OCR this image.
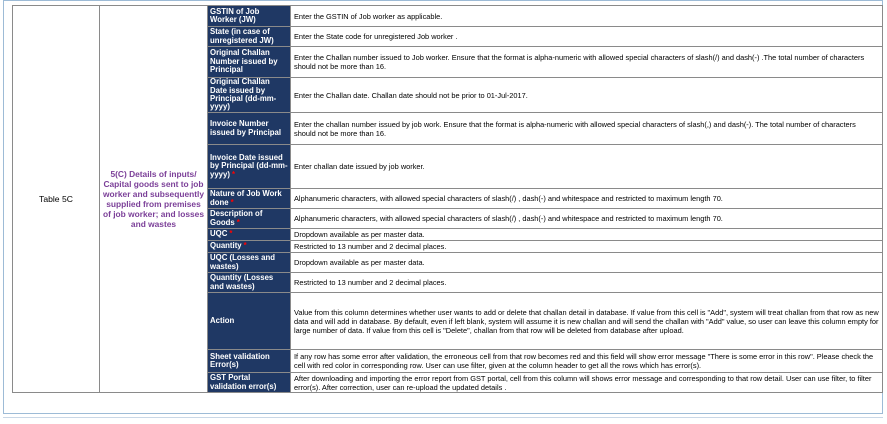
Table 5C	5(C) Details of inputs/ Capital goods sent to job worker and subsequently supplied from premises of job worker; and losses and wastes	GSTIN of Job Worker (JW)	Enter the GSTIN of Job worker as applicable.
		State (in case of unregistered JW)	Enter the State code for unregistered Job worker .
		Original Challan Number issued by Principal	Enter the Challan number issued to Job worker. Ensure that the format is alpha-numeric with allowed special characters of slash(/) and dash(-) .The total number of characters should not be more than 16.
		Original Challan Date issued by Principal (dd-mm-yyyy)	Enter the Challan date. Challan date should not be prior to 01-Jul-2017.
		Invoice Number issued by Principal	Enter the challan number issued by job work. Ensure that the format is alpha-numeric with allowed special characters of slash(,) and dash(-). The total number of characters should not be more than 16.
		Invoice Date issued by Principal (dd-mm-yyyy) *	Enter challan date issued by job worker.
		Nature of Job Work done *	Alphanumeric characters, with allowed special characters of slash(/) , dash(-) and whitespace and restricted to maximum length 70.
		Description of Goods *	Alphanumeric characters, with allowed special characters of slash(/) , dash(-) and whitespace and restricted to maximum length 70.
		UQC *	Dropdown available as per master data.
		Quantity *	Restricted to 13 number and 2 decimal places.
		UQC (Losses and wastes)	Dropdown available as per master data.
		Quantity (Losses and wastes)	Restricted to 13 number and 2 decimal places.
		Action	Value from this column determines whether user wants to add or delete that challan detail in database. If value from this cell is "Add", system will treat challan from that row as new data and will add in database. By default, even if left blank, system will assume it is new challan and will send the challan with "Add" value, so user can leave this column empty for large number of data. If value from this cell is "Delete", challan from that row will be deleted from database after upload.
		Sheet validation Error(s)	If any row has some error after validation, the erroneous cell from that row becomes red and this field will show error message "There is some error in this row". Please check the cell with red color in corresponding row. User can use filter, given at the column header to get all the rows which has error(s).
		GST Portal validation error(s)	After downloading and importing the error report from GST portal, cell from this column will shows error message and corresponding to that row detail. User can use filter, to filter error(s). After correction, user can re-upload the updated details .
